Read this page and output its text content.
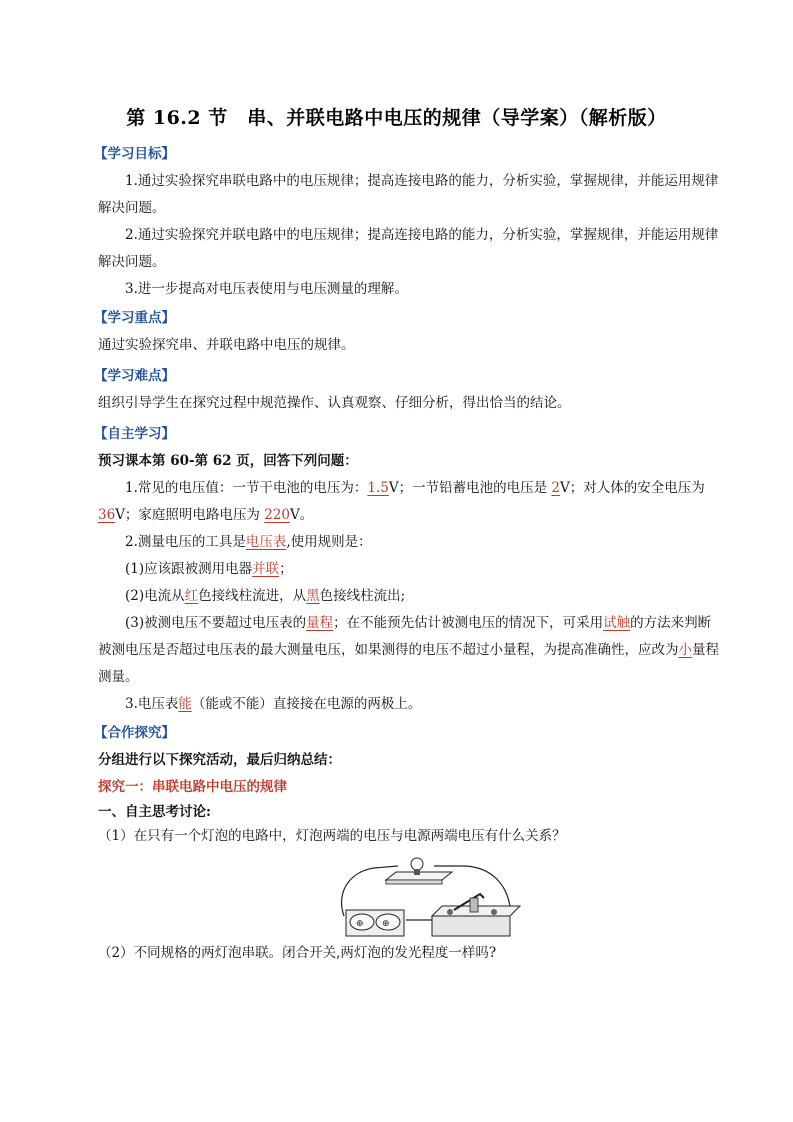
第 16.2 节　串、并联电路中电压的规律（导学案）（解析版）
【学习目标】

1.通过实验探究串联电路中的电压规律；提高连接电路的能力，分析实验，掌握规律，并能运用规律解决问题。

2.通过实验探究并联电路中的电压规律；提高连接电路的能力，分析实验，掌握规律，并能运用规律解决问题。

3.进一步提高对电压表使用与电压测量的理解。

【学习重点】

通过实验探究串、并联电路中电压的规律。

【学习难点】

组织引导学生在探究过程中规范操作、认真观察、仔细分析，得出恰当的结论。

【自主学习】

预习课本第 60-第 62 页，回答下列问题：

1.常见的电压值：一节干电池的电压为：1.5V；一节铅蓄电池的电压是 2V；对人体的安全电压为 36V；家庭照明电路电压为 220V。

2.测量电压的工具是电压表,使用规则是：

(1)应该跟被测用电器并联；

(2)电流从红色接线柱流进，从黑色接线柱流出;

(3)被测电压不要超过电压表的量程；在不能预先估计被测电压的情况下，可采用试触的方法来判断被测电压是否超过电压表的最大测量电压，如果测得的电压不超过小量程，为提高准确性，应改为小量程测量。

3.电压表能（能或不能）直接接在电源的两极上。

【合作探究】

分组进行以下探究活动，最后归纳总结：

探究一：串联电路中电压的规律

一、自主思考讨论:

（1）在只有一个灯泡的电路中，灯泡两端的电压与电源两端电压有什么关系？

⊕ ⊕

（2）不同规格的两灯泡串联。闭合开关,两灯泡的发光程度一样吗?
